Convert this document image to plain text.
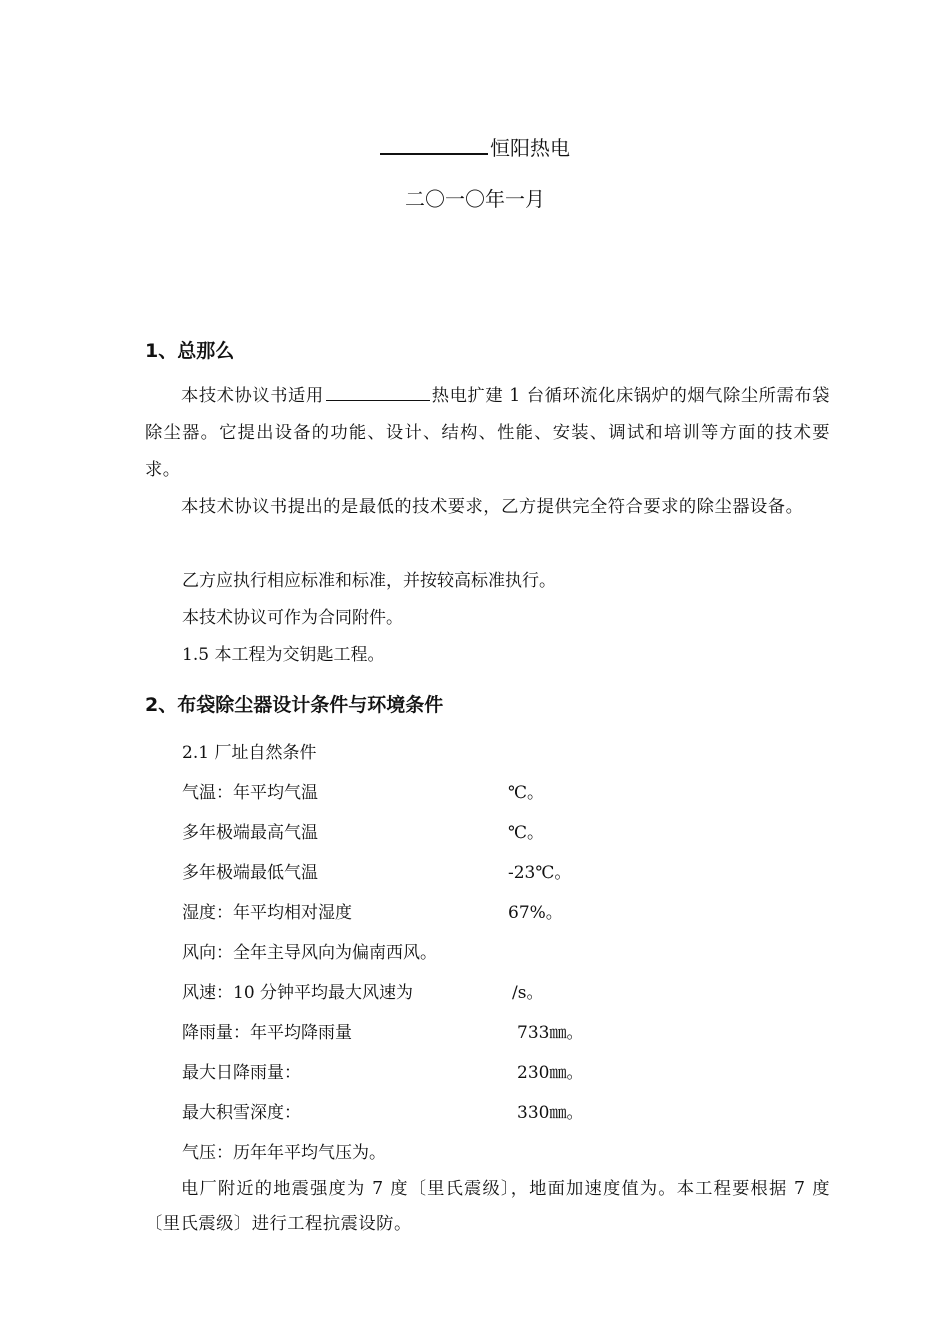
恒阳热电
二〇一〇年一月
1、总那么
本技术协议书适用	热电扩建 1 台循环流化床锅炉的烟气除尘所需布袋除尘器。它提出设备的功能、设计、结构、性能、安装、调试和培训等方面的技术要求。
本技术协议书提出的是最低的技术要求，乙方提供完全符合要求的除尘器设备。
乙方应执行相应标准和标准，并按较高标准执行。
本技术协议可作为合同附件。
1.5 本工程为交钥匙工程。
2、布袋除尘器设计条件与环境条件
2.1 厂址自然条件
气温：年平均气温	℃。
多年极端最高气温	℃。
多年极端最低气温	-23℃。
湿度：年平均相对湿度	67%。
风向：全年主导风向为偏南西风。
风速：10 分钟平均最大风速为	/s。
降雨量：年平均降雨量	733㎜。
最大日降雨量：	230㎜。
最大积雪深度：	330㎜。
气压：历年年平均气压为。
电厂附近的地震强度为 7 度〔里氏震级〕，地面加速度值为。本工程要根据 7 度〔里氏震级〕进行工程抗震设防。
